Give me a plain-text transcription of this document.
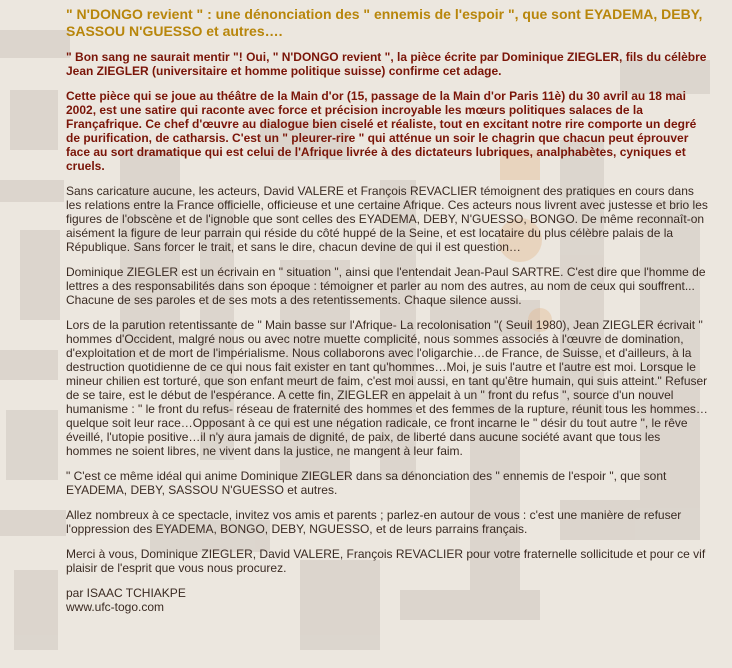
" N'DONGO revient " : une dénonciation des " ennemis de l'espoir ", que sont EYADEMA, DEBY, SASSOU N'GUESSO et autres….

" Bon sang ne saurait mentir "! Oui, " N'DONGO revient ", la pièce écrite par Dominique ZIEGLER, fils du célèbre Jean ZIEGLER (universitaire et homme politique suisse) confirme cet adage.

Cette pièce qui se joue au théâtre de la Main d'or (15, passage de la Main d'or Paris 11è) du 30 avril au 18 mai 2002, est une satire qui raconte avec force et précision incroyable les mœurs politiques salaces de la Françafrique. Ce chef d'œuvre au dialogue bien ciselé et réaliste, tout en excitant notre rire comporte un degré de purification, de catharsis. C'est un " pleurer-rire " qui atténue un soir le chagrin que chacun peut éprouver face au sort dramatique qui est celui de l'Afrique livrée à des dictateurs lubriques, analphabètes, cyniques et cruels.

Sans caricature aucune, les acteurs, David VALERE et François REVACLIER témoignent des pratiques en cours dans les relations entre la France officielle, officieuse et une certaine Afrique. Ces acteurs nous livrent avec justesse et brio les figures de l'obscène et de l'ignoble que sont celles des EYADEMA, DEBY, N'GUESSO, BONGO. De même reconnaît-on aisément la figure de leur parrain qui réside du côté huppé de la Seine, et est locataire du plus célèbre palais de la République. Sans forcer le trait, et sans le dire, chacun devine de qui il est question…

Dominique ZIEGLER est un écrivain en " situation ", ainsi que l'entendait Jean-Paul SARTRE. C'est dire que l'homme de lettres a des responsabilités dans son époque : témoigner et parler au nom des autres, au nom de ceux qui souffrent... Chacune de ses paroles et de ses mots a des retentissements. Chaque silence aussi.

Lors de la parution retentissante de " Main basse sur l'Afrique- La recolonisation "( Seuil 1980), Jean ZIEGLER écrivait " hommes d'Occident, malgré nous ou avec notre muette complicité, nous sommes associés à l'œuvre de domination, d'exploitation et de mort de l'impérialisme. Nous collaborons avec l'oligarchie…de France, de Suisse, et d'ailleurs, à la destruction quotidienne de ce qui nous fait exister en tant qu'hommes…Moi, je suis l'autre et l'autre est moi. Lorsque le mineur chilien est torturé, que son enfant meurt de faim, c'est moi aussi, en tant qu'être humain, qui suis atteint." Refuser de se taire, est le début de l'espérance. A cette fin, ZIEGLER en appelait à un " front du refus ", source d'un nouvel humanisme : " le front du refus- réseau de fraternité des hommes et des femmes de la rupture, réunit tous les hommes…quelque soit leur race…Opposant à ce qui est une négation radicale, ce front incarne le " désir du tout autre ", le rêve éveillé, l'utopie positive…il n'y aura jamais de dignité, de paix, de liberté dans aucune société avant que tous les hommes ne soient libres, ne vivent dans la justice, ne mangent à leur faim.

" C'est ce même idéal qui anime Dominique ZIEGLER dans sa dénonciation des " ennemis de l'espoir ", que sont EYADEMA, DEBY, SASSOU N'GUESSO et autres.

Allez nombreux à ce spectacle, invitez vos amis et parents ; parlez-en autour de vous : c'est une manière de refuser l'oppression des EYADEMA, BONGO, DEBY, NGUESSO, et de leurs parrains français.

Merci à vous, Dominique ZIEGLER, David VALERE, François REVACLIER pour votre fraternelle sollicitude et pour ce vif plaisir de l'esprit que vous nous procurez.

par ISAAC TCHIAKPE
www.ufc-togo.com
